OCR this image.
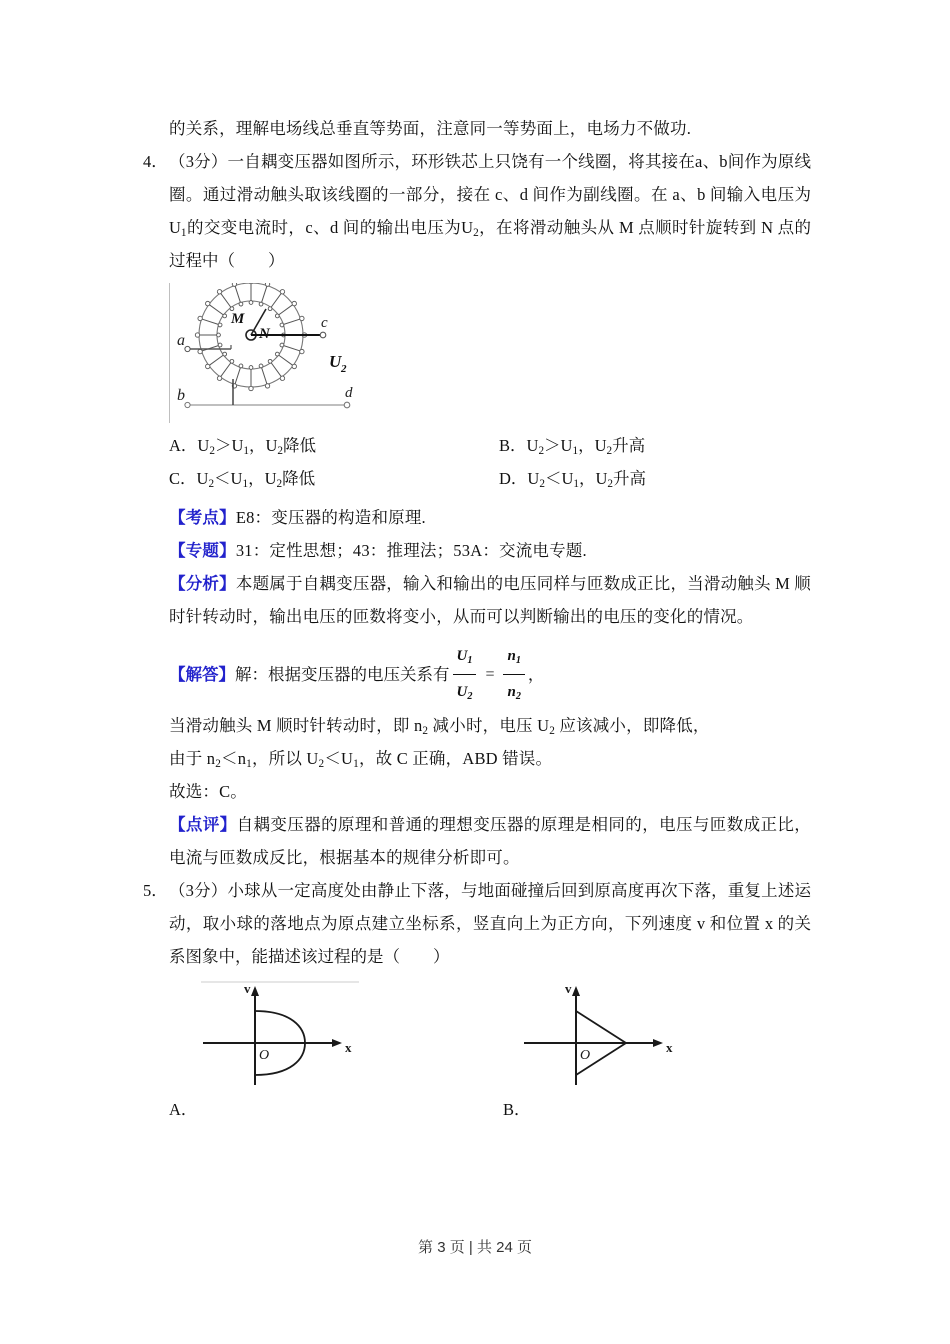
的关系，理解电场线总垂直等势面，注意同一等势面上，电场力不做功.
4． （3分）一自耦变压器如图所示，环形铁芯上只饶有一个线圈，将其接在a、b间作为原线圈。通过滑动触头取该线圈的一部分，接在 c、d 间作为副线圈。在 a、b 间输入电压为$U_1$的交变电流时，c、d 间的输出电压为$U_2$，在将滑动触头从 M 点顺时针旋转到 N 点的过程中（　　）
a
b
c
d
M
N
U 2
A．$U_2>U_1$，$U_2$降低	B．$U_2>U_1$，$U_2$升高
C．$U_2<U_1$，$U_2$降低	D．$U_2<U_1$，$U_2$升高
【考点】E8：变压器的构造和原理.
【专题】31：定性思想；43：推理法；53A：交流电专题.
【分析】本题属于自耦变压器，输入和输出的电压同样与匝数成正比，当滑动触头 M 顺时针转动时，输出电压的匝数将变小，从而可以判断输出的电压的变化的情况。
【解答】 解：根据变压器的电压关系有 $\frac{U_1}{U_2} = \frac{n_1}{n_2}$ ，
当滑动触头 M 顺时针转动时，即 $n_2$ 减小时，电压 $U_2$ 应该减小，即降低，
由于 $n_2<n_1$，所以 $U_2<U_1$，故 C 正确，ABD 错误。
故选：C。
【点评】自耦变压器的原理和普通的理想变压器的原理是相同的，电压与匝数成正比，电流与匝数成反比，根据基本的规律分析即可。
5． （3分）小球从一定高度处由静止下落，与地面碰撞后回到原高度再次下落，重复上述运动，取小球的落地点为原点建立坐标系，竖直向上为正方向，下列速度 v 和位置 x 的关系图象中，能描述该过程的是（　　）
v
O
x
v
O
x
A．	B．
第 3 页 | 共 24 页
